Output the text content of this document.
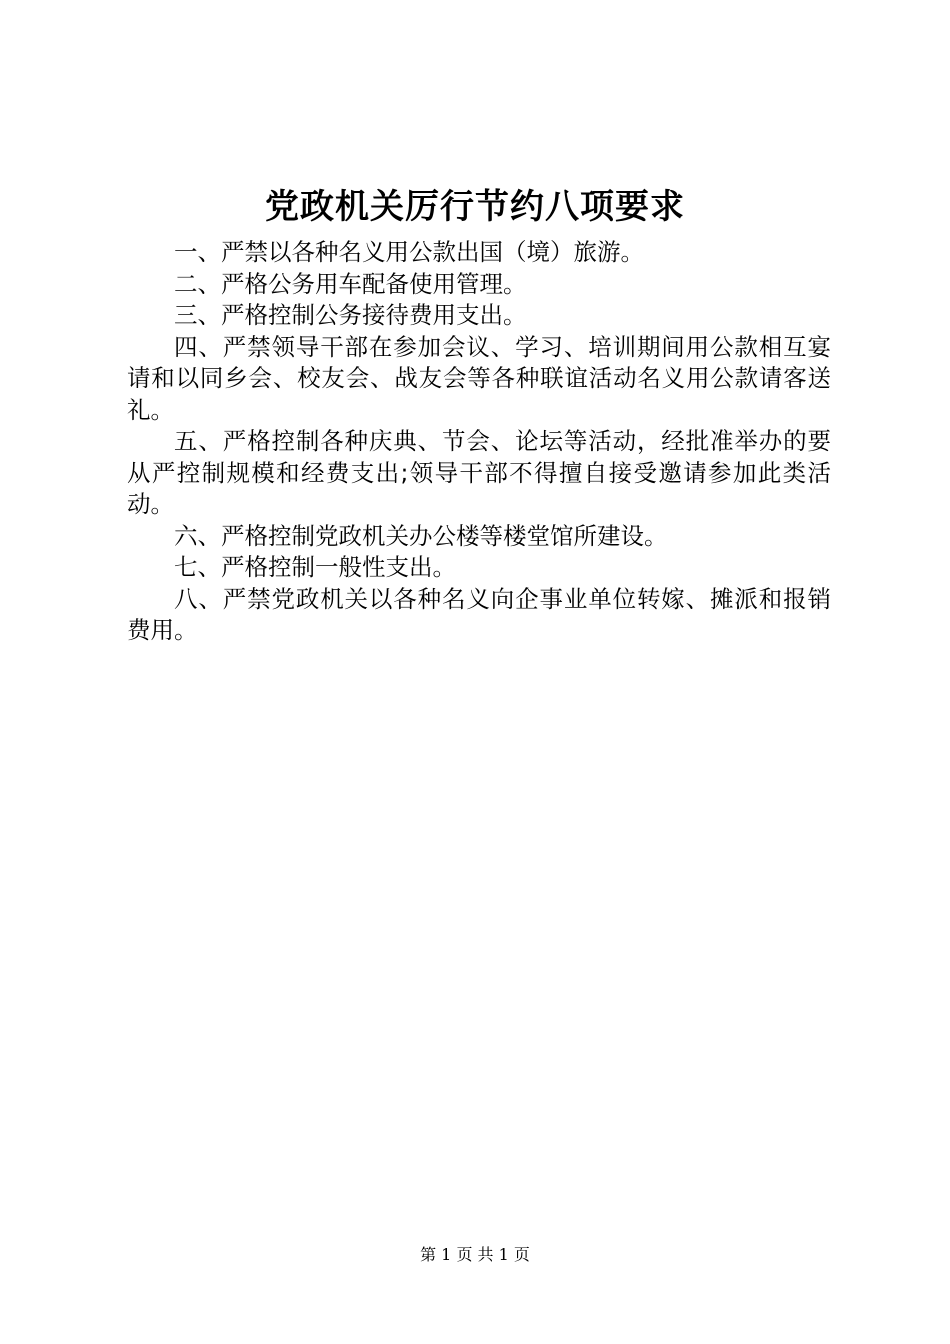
党政机关厉行节约八项要求

一、严禁以各种名义用公款出国（境）旅游。

二、严格公务用车配备使用管理。

三、严格控制公务接待费用支出。

四、严禁领导干部在参加会议、学习、培训期间用公款相互宴请和以同乡会、校友会、战友会等各种联谊活动名义用公款请客送礼。

五、严格控制各种庆典、节会、论坛等活动，经批准举办的要从严控制规模和经费支出;领导干部不得擅自接受邀请参加此类活动。

六、严格控制党政机关办公楼等楼堂馆所建设。

七、严格控制一般性支出。

八、严禁党政机关以各种名义向企事业单位转嫁、摊派和报销费用。

第 1 页 共 1 页
